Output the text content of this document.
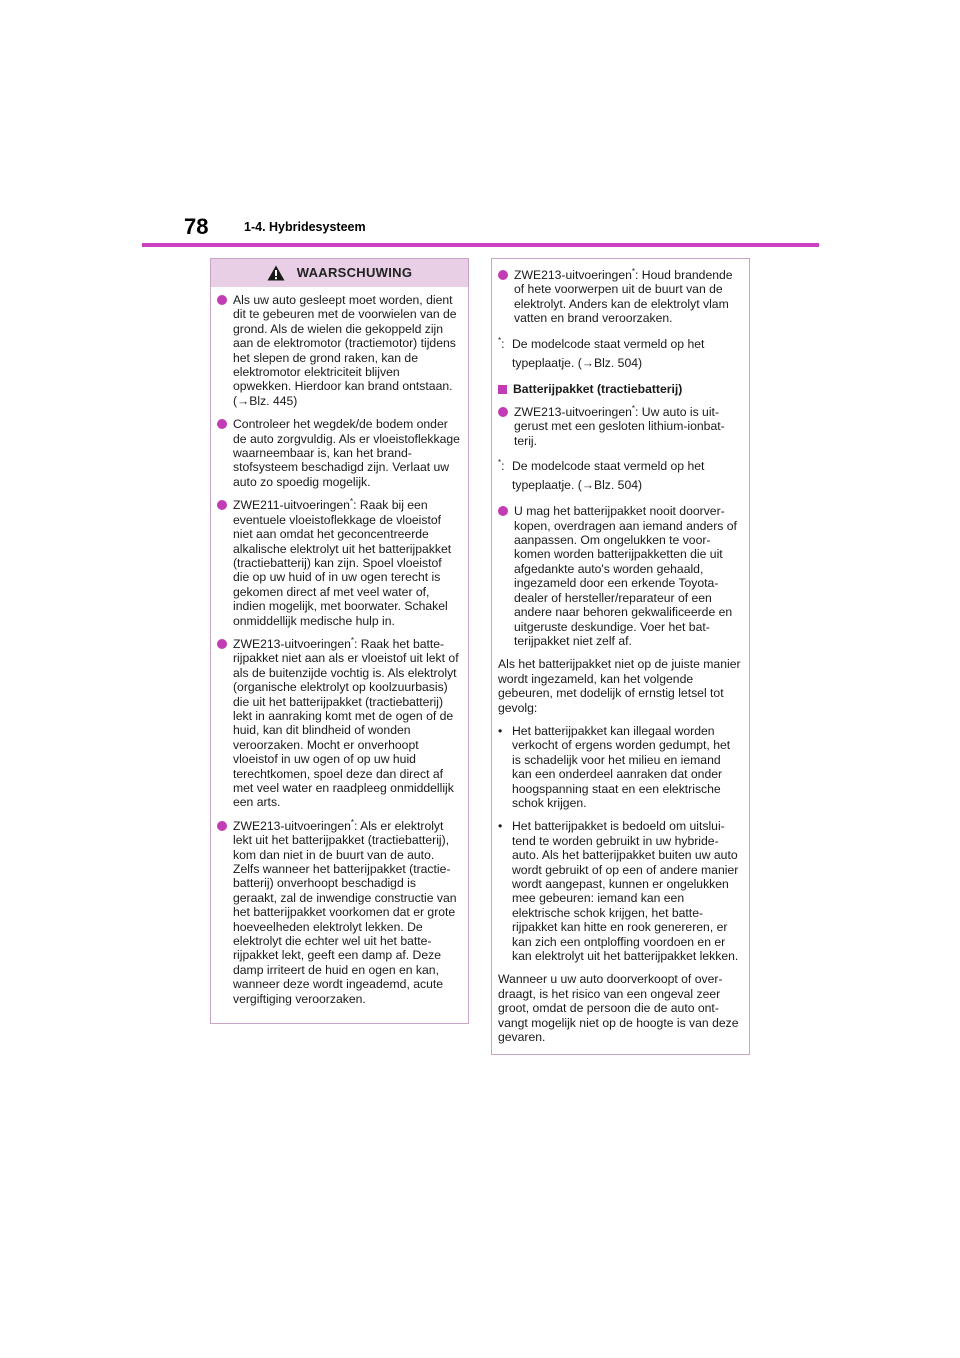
78	1-4. Hybridesysteem
WAARSCHUWING
Als uw auto gesleept moet worden, dient dit te gebeuren met de voorwielen van de grond. Als de wielen die gekoppeld zijn aan de elektromotor (tractiemotor) tijdens het slepen de grond raken, kan de elektromotor elektriciteit blijven opwekken. Hierdoor kan brand ontstaan. (→Blz. 445)
Controleer het wegdek/de bodem onder de auto zorgvuldig. Als er vloeistoflekkage waarneembaar is, kan het brandstofsysteem beschadigd zijn. Verlaat uw auto zo spoedig mogelijk.
ZWE211-uitvoeringen*: Raak bij een eventuele vloeistoflekkage de vloeistof niet aan omdat het geconcentreerde alkalische elektrolyt uit het batterijpakket (tractiebatterij) kan zijn. Spoel vloeistof die op uw huid of in uw ogen terecht is gekomen direct af met veel water of, indien mogelijk, met boorwater. Schakel onmiddellijk medische hulp in.
ZWE213-uitvoeringen*: Raak het batterijpakket niet aan als er vloeistof uit lekt of als de buitenzijde vochtig is. Als elektrolyt (organische elektrolyt op koolzuurbasis) die uit het batterijpakket (tractiebatterij) lekt in aanraking komt met de ogen of de huid, kan dit blindheid of wonden veroorzaken. Mocht er onverhoopt vloeistof in uw ogen of op uw huid terechtkomen, spoel deze dan direct af met veel water en raadpleeg onmiddellijk een arts.
ZWE213-uitvoeringen*: Als er elektrolyt lekt uit het batterijpakket (tractiebatterij), kom dan niet in de buurt van de auto. Zelfs wanneer het batterijpakket (tractiebatterij) onverhoopt beschadigd is geraakt, zal de inwendige constructie van het batterijpakket voorkomen dat er grote hoeveelheden elektrolyt lekken. De elektrolyt die echter wel uit het batterijpakket lekt, geeft een damp af. Deze damp irriteert de huid en ogen en kan, wanneer deze wordt ingeademd, acute vergiftiging veroorzaken.
ZWE213-uitvoeringen*: Houd brandende of hete voorwerpen uit de buurt van de elektrolyt. Anders kan de elektrolyt vlam vatten en brand veroorzaken.
*: De modelcode staat vermeld op het typeplaatje. (→Blz. 504)
Batterijpakket (tractiebatterij)
ZWE213-uitvoeringen*: Uw auto is uitgerust met een gesloten lithium-ionbatterij.
*: De modelcode staat vermeld op het typeplaatje. (→Blz. 504)
U mag het batterijpakket nooit doorverkopen, overdragen aan iemand anders of aanpassen. Om ongelukken te voorkomen worden batterijpakketten die uit afgedankte auto's worden gehaald, ingezameld door een erkende Toyota-dealer of hersteller/reparateur of een andere naar behoren gekwalificeerde en uitgeruste deskundige. Voer het batterijpakket niet zelf af.
Als het batterijpakket niet op de juiste manier wordt ingezameld, kan het volgende gebeuren, met dodelijk of ernstig letsel tot gevolg:
• Het batterijpakket kan illegaal worden verkocht of ergens worden gedumpt, het is schadelijk voor het milieu en iemand kan een onderdeel aanraken dat onder hoogspanning staat en een elektrische schok krijgen.
• Het batterijpakket is bedoeld om uitsluitend te worden gebruikt in uw hybride-auto. Als het batterijpakket buiten uw auto wordt gebruikt of op een of andere manier wordt aangepast, kunnen er ongelukken mee gebeuren: iemand kan een elektrische schok krijgen, het batterijpakket kan hitte en rook genereren, er kan zich een ontploffing voordoen en er kan elektrolyt uit het batterijpakket lekken.
Wanneer u uw auto doorverkoopt of overdraagt, is het risico van een ongeval zeer groot, omdat de persoon die de auto ontvangt mogelijk niet op de hoogte is van deze gevaren.
